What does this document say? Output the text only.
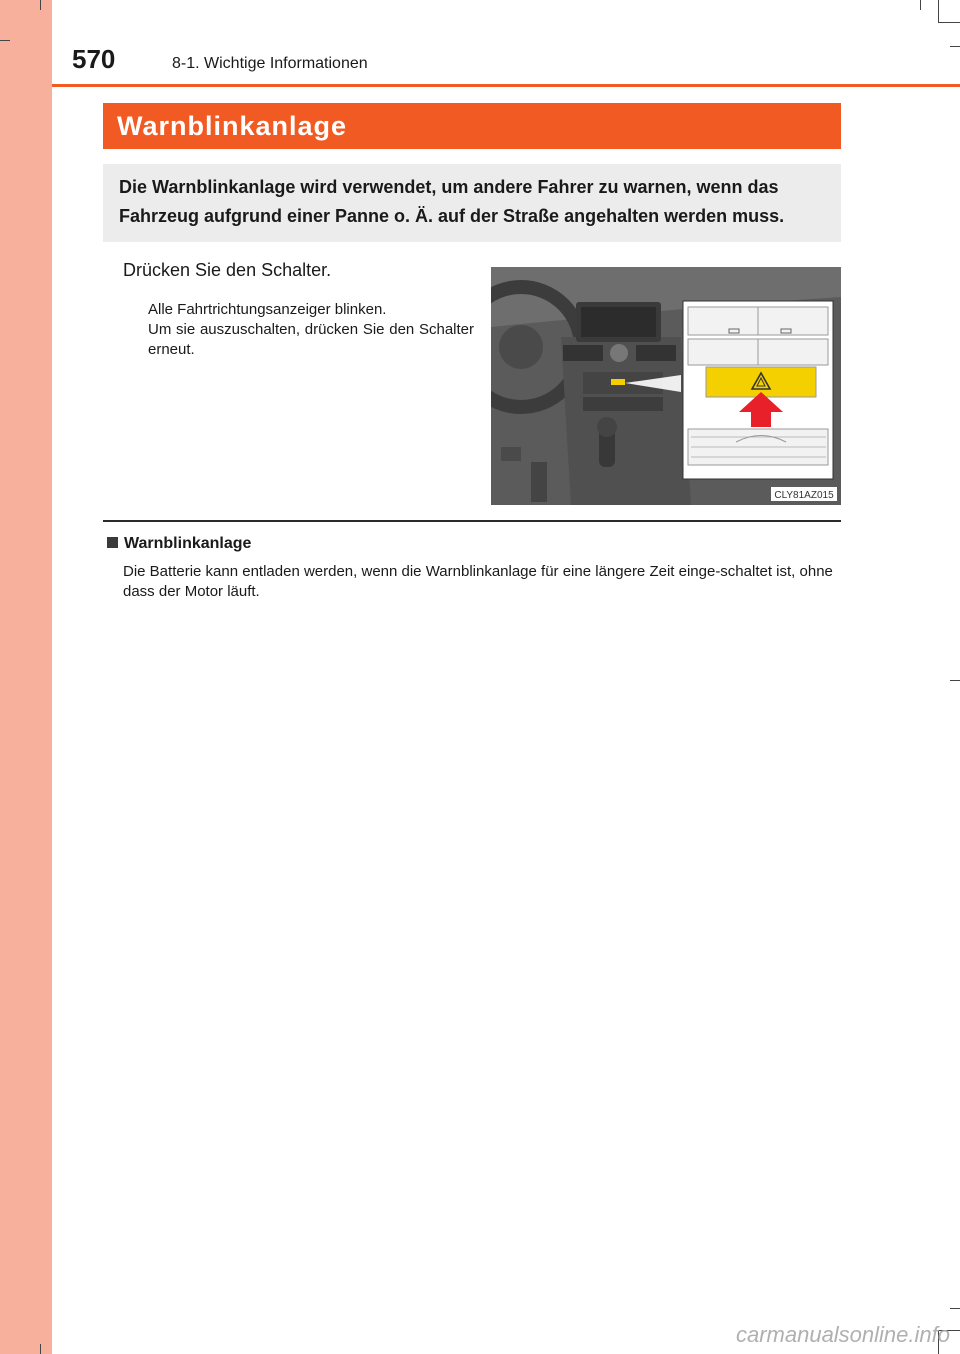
570	8-1. Wichtige Informationen
Warnblinkanlage

Die Warnblinkanlage wird verwendet, um andere Fahrer zu warnen, wenn das Fahrzeug aufgrund einer Panne o. Ä. auf der Straße angehalten werden muss.

Drücken Sie den Schalter.
Alle Fahrtrichtungsanzeiger blinken.
Um sie auszuschalten, drücken Sie den Schalter erneut.
CLY81AZ015
Warnblinkanlage
Die Batterie kann entladen werden, wenn die Warnblinkanlage für eine längere Zeit einge-schaltet ist, ohne dass der Motor läuft.
carmanualsonline.info
